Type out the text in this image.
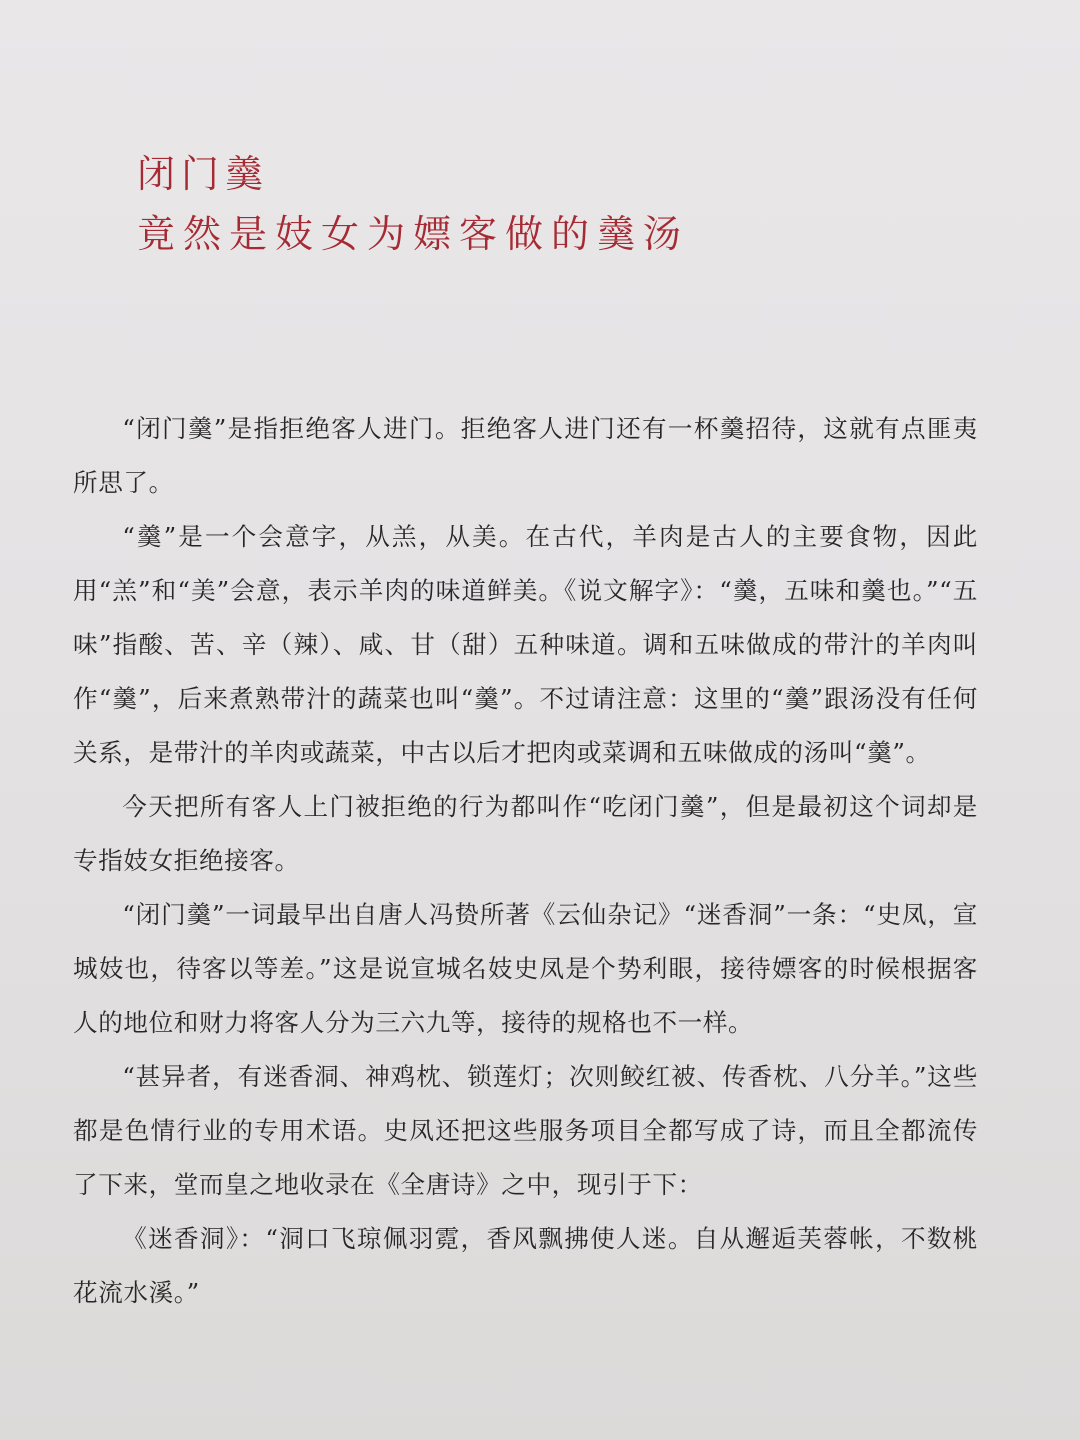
闭门羹
竟然是妓女为嫖客做的羹汤

“闭门羹”是指拒绝客人进门。拒绝客人进门还有一杯羹招待，这就有点匪夷所思了。

“羹”是一个会意字，从羔，从美。在古代，羊肉是古人的主要食物，因此用“羔”和“美”会意，表示羊肉的味道鲜美。《说文解字》：“羹，五味和羹也。”“五味”指酸、苦、辛（辣）、咸、甘（甜）五种味道。调和五味做成的带汁的羊肉叫作“羹”，后来煮熟带汁的蔬菜也叫“羹”。不过请注意：这里的“羹”跟汤没有任何关系，是带汁的羊肉或蔬菜，中古以后才把肉或菜调和五味做成的汤叫“羹”。

今天把所有客人上门被拒绝的行为都叫作“吃闭门羹”，但是最初这个词却是专指妓女拒绝接客。

“闭门羹”一词最早出自唐人冯贽所著《云仙杂记》“迷香洞”一条：“史凤，宣城妓也，待客以等差。”这是说宣城名妓史凤是个势利眼，接待嫖客的时候根据客人的地位和财力将客人分为三六九等，接待的规格也不一样。

“甚异者，有迷香洞、神鸡枕、锁莲灯；次则鲛红被、传香枕、八分羊。”这些都是色情行业的专用术语。史凤还把这些服务项目全都写成了诗，而且全都流传了下来，堂而皇之地收录在《全唐诗》之中，现引于下：

《迷香洞》：“洞口飞琼佩羽霓，香风飘拂使人迷。自从邂逅芙蓉帐，不数桃花流水溪。”
